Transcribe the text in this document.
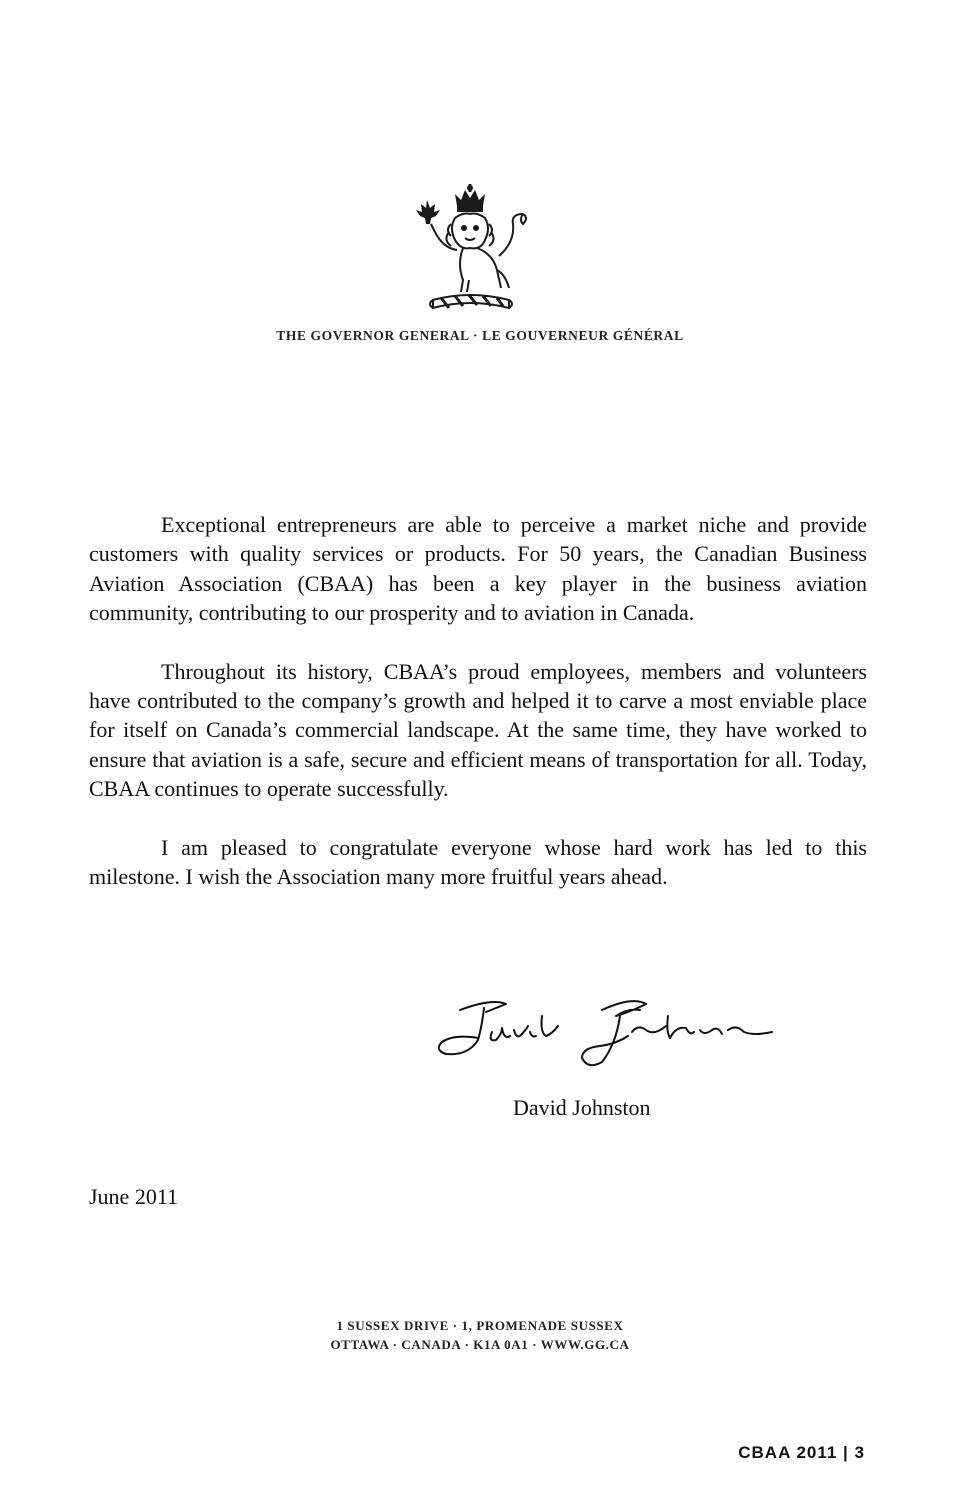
THE GOVERNOR GENERAL · LE GOUVERNEUR GÉNÉRAL

Exceptional entrepreneurs are able to perceive a market niche and provide customers with quality services or products. For 50 years, the Canadian Business Aviation Association (CBAA) has been a key player in the business aviation community, contributing to our prosperity and to aviation in Canada.

Throughout its history, CBAA’s proud employees, members and volunteers have contributed to the company’s growth and helped it to carve a most enviable place for itself on Canada’s commercial landscape. At the same time, they have worked to ensure that aviation is a safe, secure and efficient means of transportation for all. Today, CBAA continues to operate successfully.

I am pleased to congratulate everyone whose hard work has led to this milestone. I wish the Association many more fruitful years ahead.

David Johnston
June 2011
1 SUSSEX DRIVE · 1, PROMENADE SUSSEX
OTTAWA · CANADA · K1A 0A1 · WWW.GG.CA
CBAA 2011 | 3
